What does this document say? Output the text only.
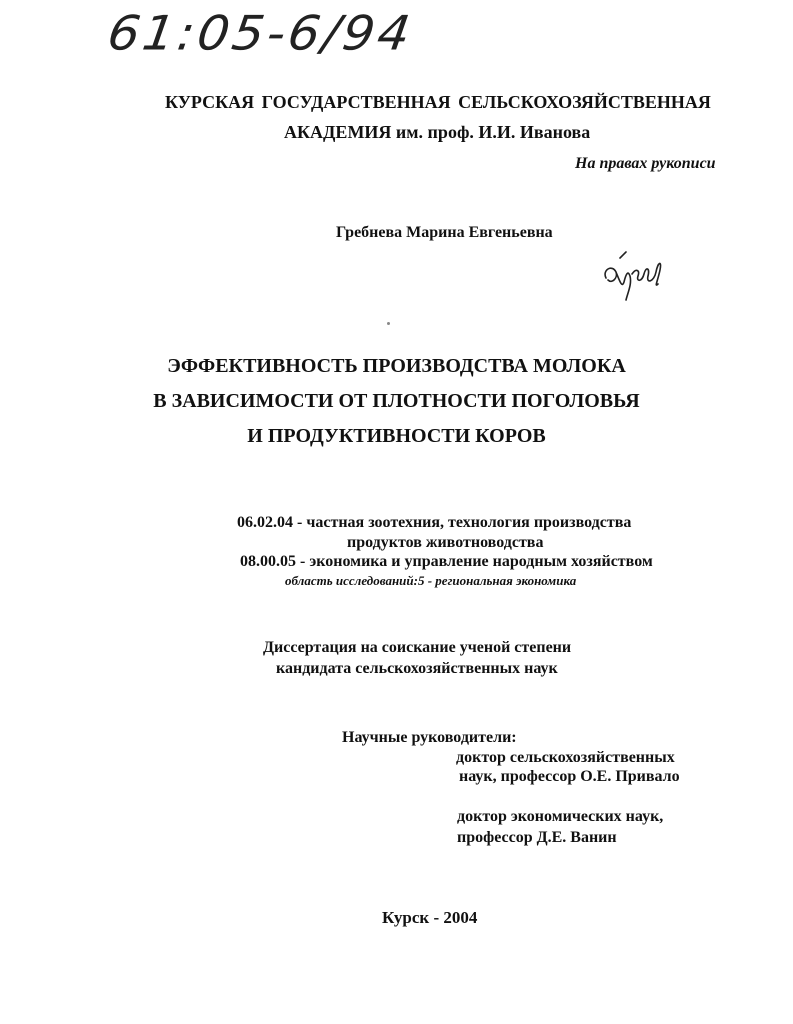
61:05-6/94
КУРСКАЯ ГОСУДАРСТВЕННАЯ СЕЛЬСКОХОЗЯЙСТВЕННАЯ
АКАДЕМИЯ им. проф. И.И. Иванова
На правах рукописи
Гребнева Марина Евгеньевна
ЭФФЕКТИВНОСТЬ ПРОИЗВОДСТВА МОЛОКА
В ЗАВИСИМОСТИ ОТ ПЛОТНОСТИ ПОГОЛОВЬЯ
И ПРОДУКТИВНОСТИ КОРОВ
06.02.04 - частная зоотехния, технология производства
продуктов животноводства
08.00.05 - экономика и управление народным хозяйством
область исследований:5 - региональная экономика
Диссертация на соискание ученой степени
кандидата сельскохозяйственных наук
Научные руководители:
доктор сельскохозяйственных
наук, профессор О.Е. Привало
доктор экономических наук,
профессор Д.Е. Ванин
Курск - 2004
